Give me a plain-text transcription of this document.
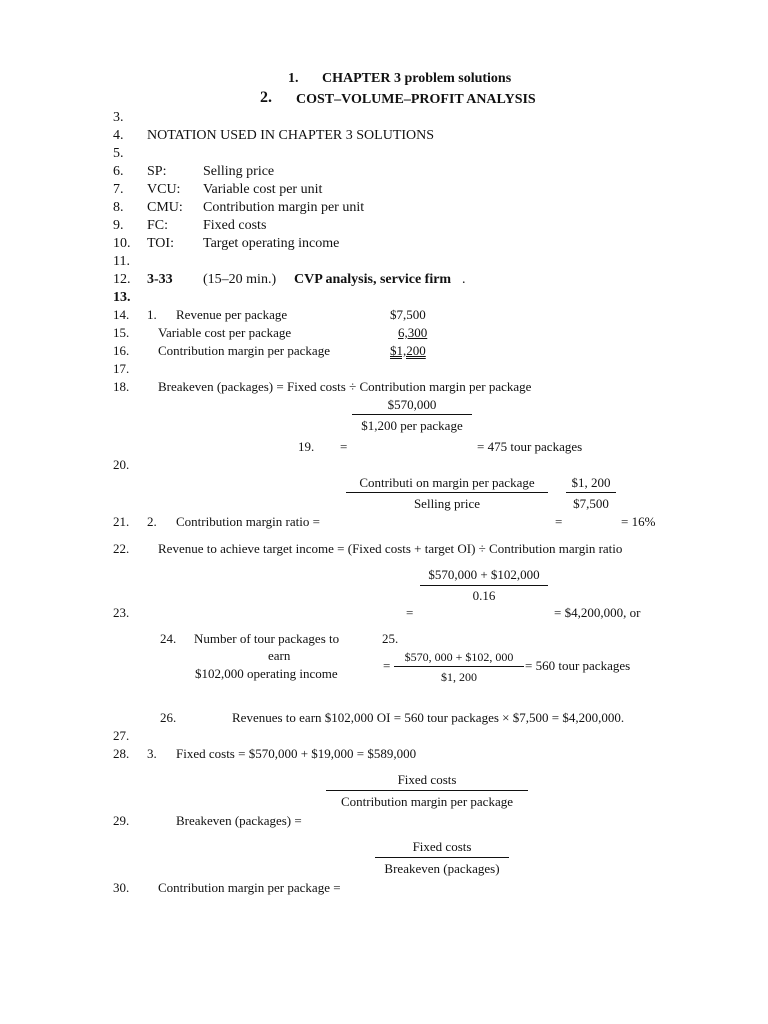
1. CHAPTER 3 problem solutions
2. COST–VOLUME–PROFIT ANALYSIS
3.
4. NOTATION USED IN CHAPTER 3 SOLUTIONS
5.
6. SP:	Selling price
7. VCU: Variable cost per unit
8. CMU: Contribution margin per unit
9. FC: Fixed costs
10. TOI: Target operating income
11.
12. 3-33 (15–20 min.) CVP analysis, service firm .
13.
14. 1. Revenue per package	$7,500
15. Variable cost per package	6,300
16. Contribution margin per package	$1,200
17.
18. Breakeven (packages) = Fixed costs ÷ Contribution margin per package
$570,000
$1,200 per package
19. =	= 475 tour packages
20.
Contributi on margin per package
Selling price
$1, 200
$7,500
21. 2. Contribution margin ratio =	=	= 16%
22. Revenue to achieve target income = (Fixed costs + target OI) ÷ Contribution margin ratio
$570,000 + $102,000
0.16
23.	=	= $4,200,000, or
24. Number of tour packages to
earn
$102,000 operating income
25.
=
$570, 000 + $102, 000
$1, 200
= 560 tour packages
26.	Revenues to earn $102,000 OI = 560 tour packages × $7,500 = $4,200,000.
27.
28. 3. Fixed costs = $570,000 + $19,000 = $589,000
Fixed costs
Contribution margin per package
29.	Breakeven (packages) =
Fixed costs
Breakeven (packages)
30. Contribution margin per package =
